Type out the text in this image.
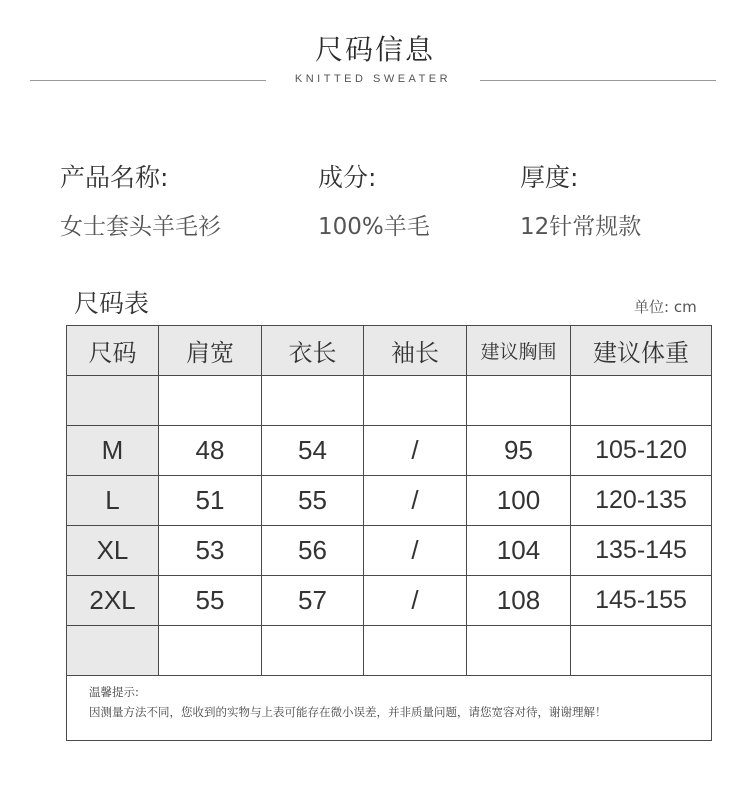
尺码信息
KNITTED SWEATER
产品名称:
女士套头羊毛衫
成分:
100%羊毛
厚度:
12针常规款
尺码表	单位: cm
尺码	肩宽	衣长	袖长	建议胸围	建议体重

M	48	54	/	95	105-120
L	51	55	/	100	120-135
XL	53	56	/	104	135-145
2XL	55	57	/	108	145-155

温馨提示:
因测量方法不同，您收到的实物与上表可能存在微小误差，并非质量问题，请您宽容对待，谢谢理解！					
